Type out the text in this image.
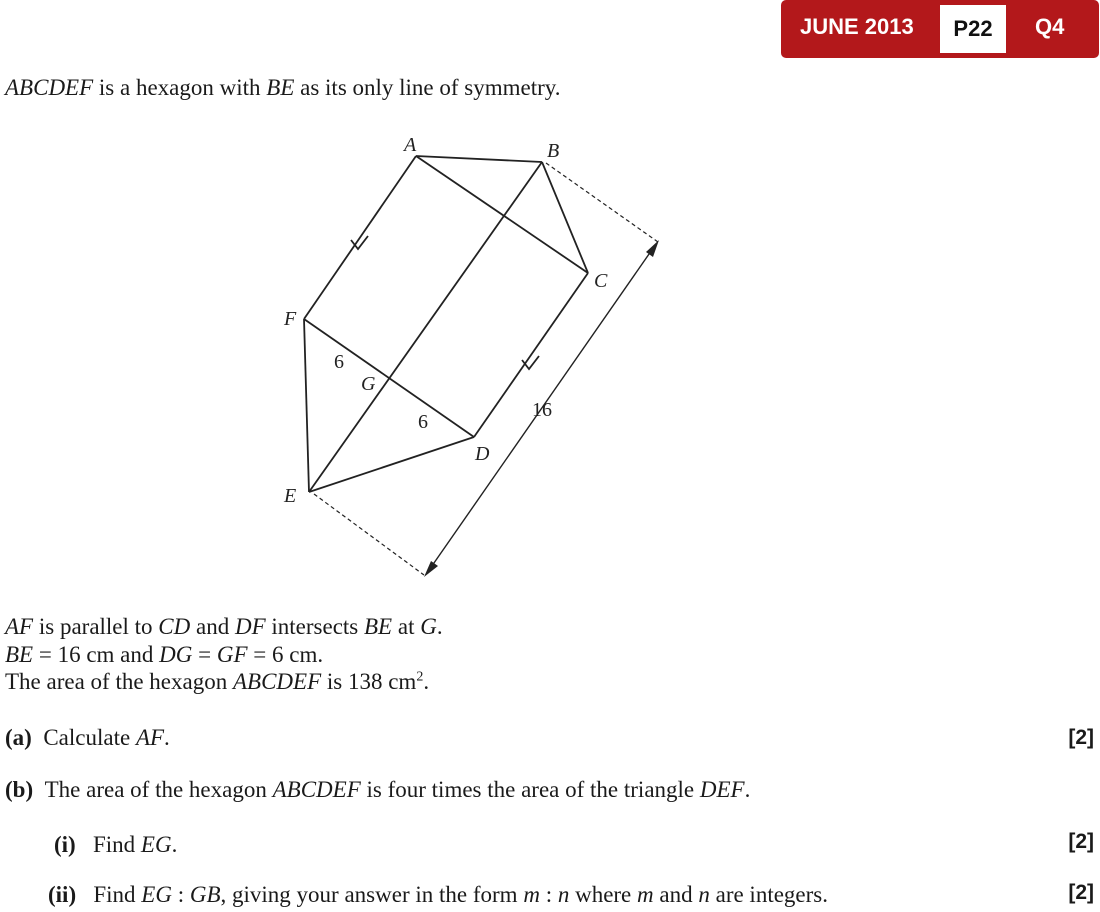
JUNE 2013	P22	Q4
ABCDEF is a hexagon with BE as its only line of symmetry.
A	B
C
D
E
F
G
6
6
16
AF is parallel to CD and DF intersects BE at G.
BE = 16 cm and DG = GF = 6 cm.
The area of the hexagon ABCDEF is 138 $cm^2$.
(a) Calculate AF.	[2]
(b) The area of the hexagon ABCDEF is four times the area of the triangle DEF.
(i) Find EG.	[2]
(ii) Find EG : GB, giving your answer in the form m : n where m and n are integers.	[2]
